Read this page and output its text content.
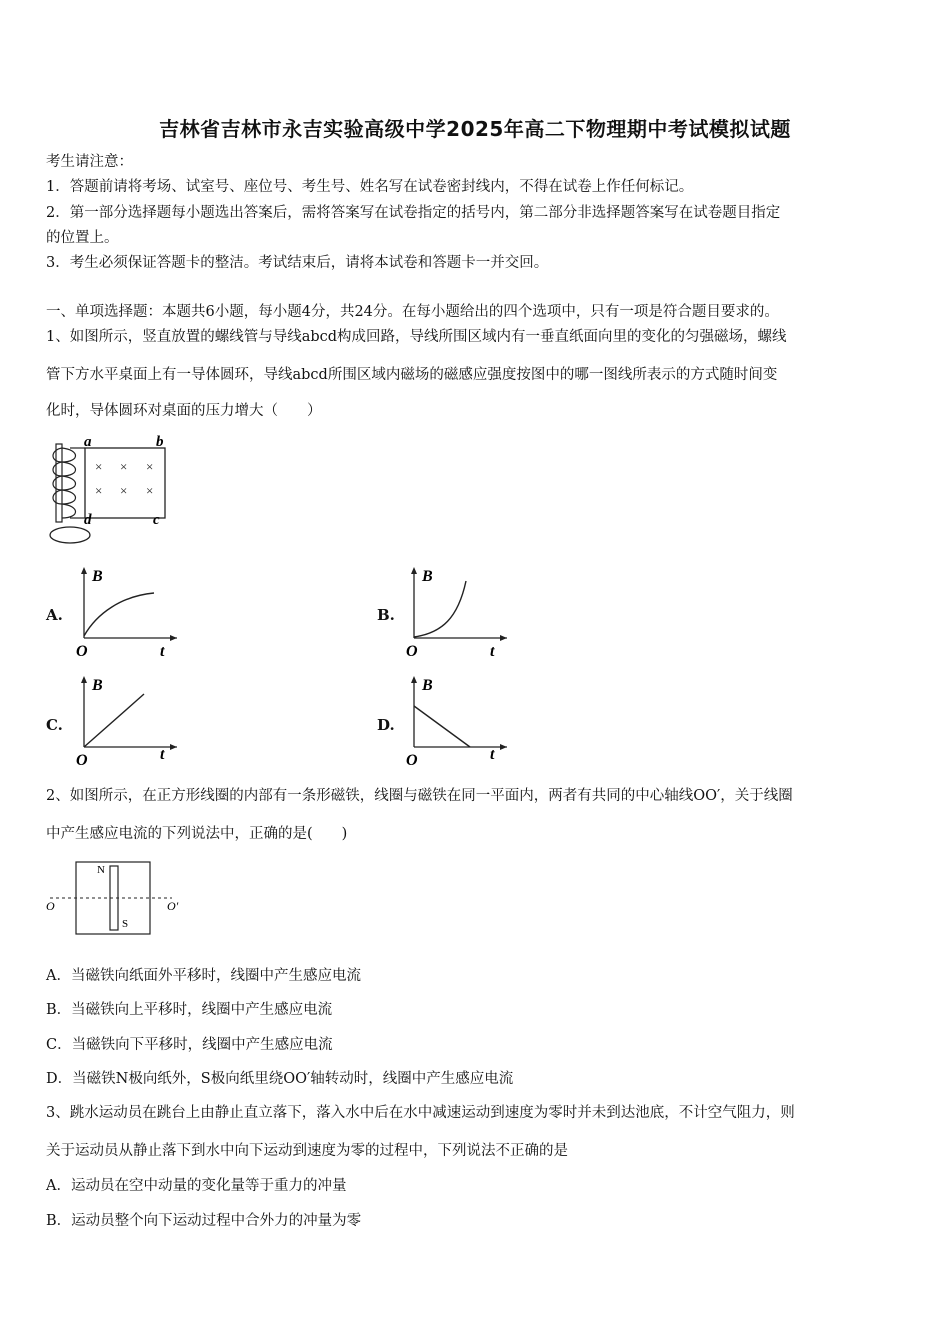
吉林省吉林市永吉实验高级中学2025年高二下物理期中考试模拟试题
考生请注意：
1．答题前请将考场、试室号、座位号、考生号、姓名写在试卷密封线内，不得在试卷上作任何标记。
2．第一部分选择题每小题选出答案后，需将答案写在试卷指定的括号内，第二部分非选择题答案写在试卷题目指定
的位置上。
3．考生必须保证答题卡的整洁。考试结束后，请将本试卷和答题卡一并交回。
一、单项选择题：本题共6小题，每小题4分，共24分。在每小题给出的四个选项中，只有一项是符合题目要求的。
1、如图所示，竖直放置的螺线管与导线abcd构成回路，导线所围区域内有一垂直纸面向里的变化的匀强磁场，螺线
管下方水平桌面上有一导体圆环，导线abcd所围区域内磁场的磁感应强度按图中的哪一图线所表示的方式随时间变
化时，导体圆环对桌面的压力增大（　　）
× × ×
× × ×
a	b
d	c
A.
B
O	t
B.
B
O	t
C.
B
O	t
D.
B
O	t
2、如图所示，在正方形线圈的内部有一条形磁铁，线圈与磁铁在同一平面内，两者有共同的中心轴线OO′，关于线圈
中产生感应电流的下列说法中，正确的是(　　)
N
S
O	O′
A．当磁铁向纸面外平移时，线圈中产生感应电流
B．当磁铁向上平移时，线圈中产生感应电流
C．当磁铁向下平移时，线圈中产生感应电流
D．当磁铁N极向纸外，S极向纸里绕OO′轴转动时，线圈中产生感应电流
3、跳水运动员在跳台上由静止直立落下，落入水中后在水中减速运动到速度为零时并未到达池底，不计空气阻力，则
关于运动员从静止落下到水中向下运动到速度为零的过程中，下列说法不正确的是
A．运动员在空中动量的变化量等于重力的冲量
B．运动员整个向下运动过程中合外力的冲量为零
